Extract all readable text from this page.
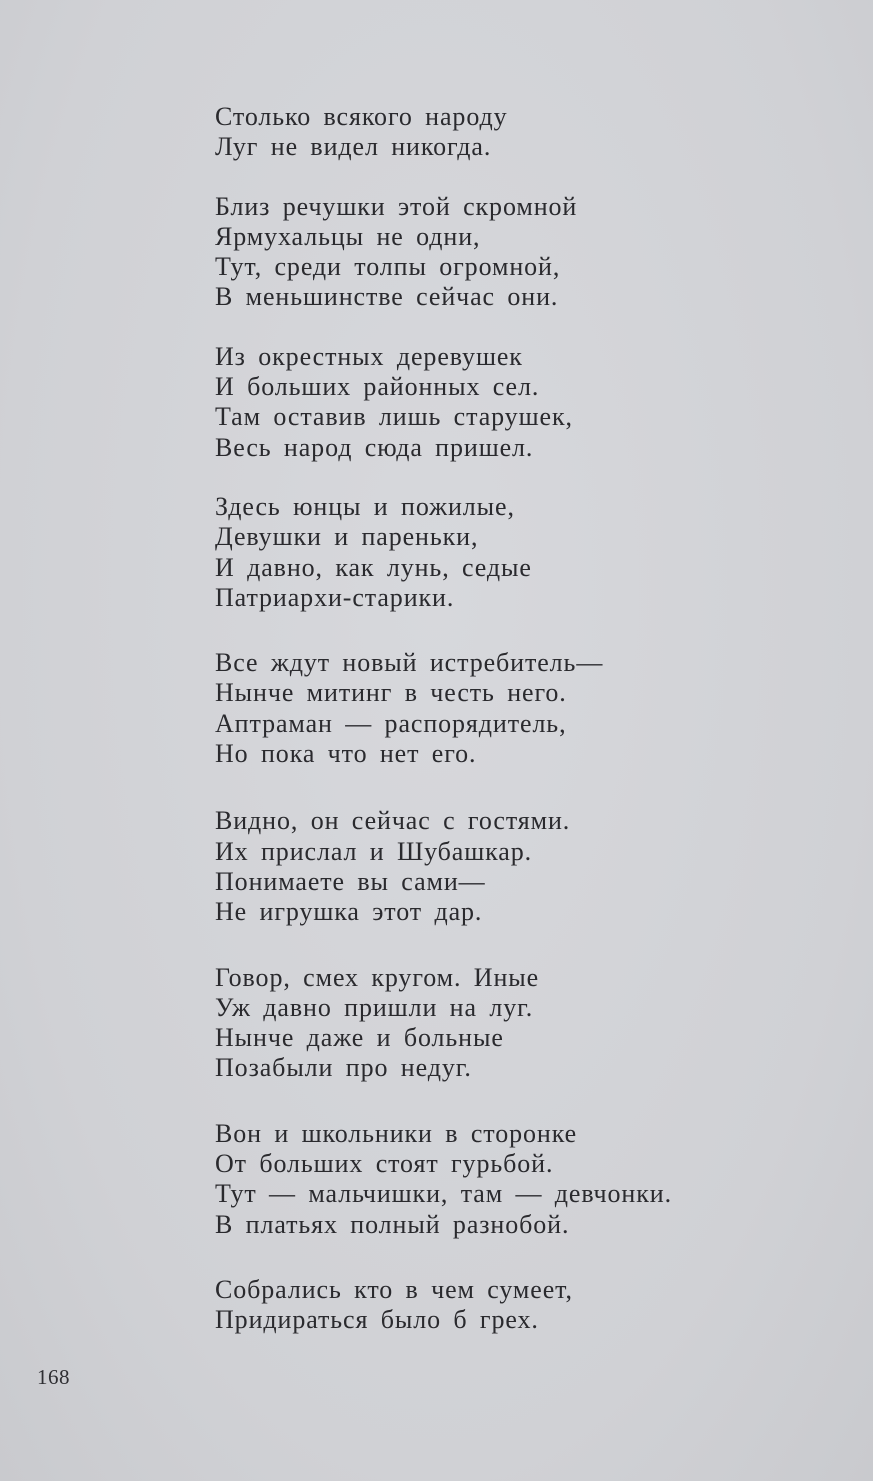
Столько всякого народу
Луг не видел никогда.
Близ речушки этой скромной
Ярмухальцы не одни,
Тут, среди толпы огромной,
В меньшинстве сейчас они.
Из окрестных деревушек
И больших районных сел.
Там оставив лишь старушек,
Весь народ сюда пришел.
Здесь юнцы и пожилые,
Девушки и пареньки,
И давно, как лунь, седые
Патриархи-старики.
Все ждут новый истребитель—
Нынче митинг в честь него.
Аптраман — распорядитель,
Но пока что нет его.
Видно, он сейчас с гостями.
Их прислал и Шубашкар.
Понимаете вы сами—
Не игрушка этот дар.
Говор, смех кругом. Иные
Уж давно пришли на луг.
Нынче даже и больные
Позабыли про недуг.
Вон и школьники в сторонке
От больших стоят гурьбой.
Тут — мальчишки, там — девчонки.
В платьях полный разнобой.
Собрались кто в чем сумеет,
Придираться было б грех.
168
